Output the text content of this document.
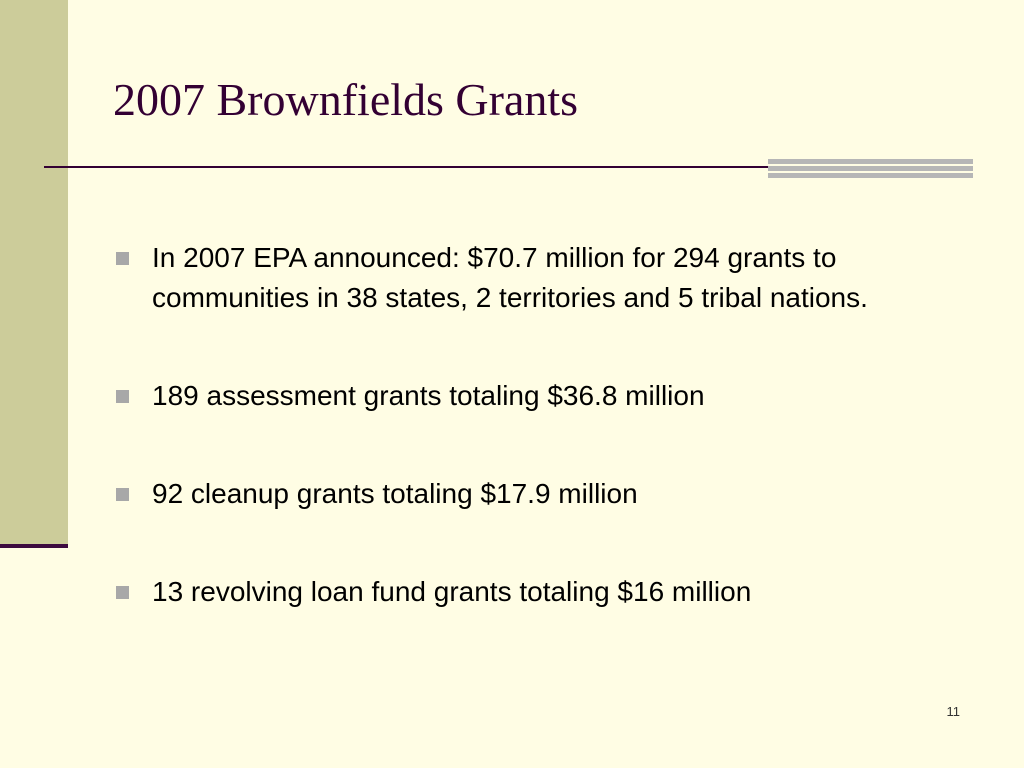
2007 Brownfields Grants
In 2007 EPA announced: $70.7 million for 294 grants to communities in 38 states, 2 territories and 5 tribal nations.
189 assessment grants totaling $36.8 million
92 cleanup grants totaling $17.9 million
13 revolving loan fund grants totaling $16 million
11
